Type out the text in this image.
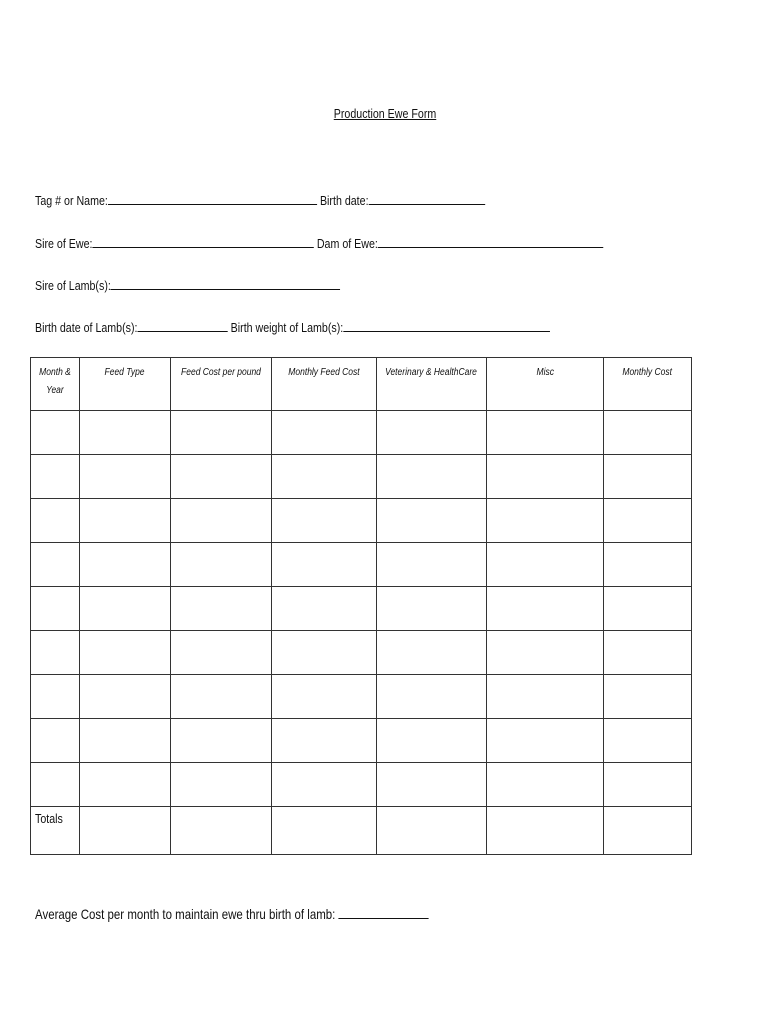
Production Ewe Form
Tag # or Name:	Birth date:
Sire of Ewe:	Dam of Ewe:
Sire of Lamb(s):
Birth date of Lamb(s):	Birth weight of Lamb(s):
Month & Year	Feed Type	Feed Cost per pound	Monthly Feed Cost	Veterinary & HealthCare	Misc	Monthly Cost

Totals						
Average Cost per month to maintain ewe thru birth of lamb:
